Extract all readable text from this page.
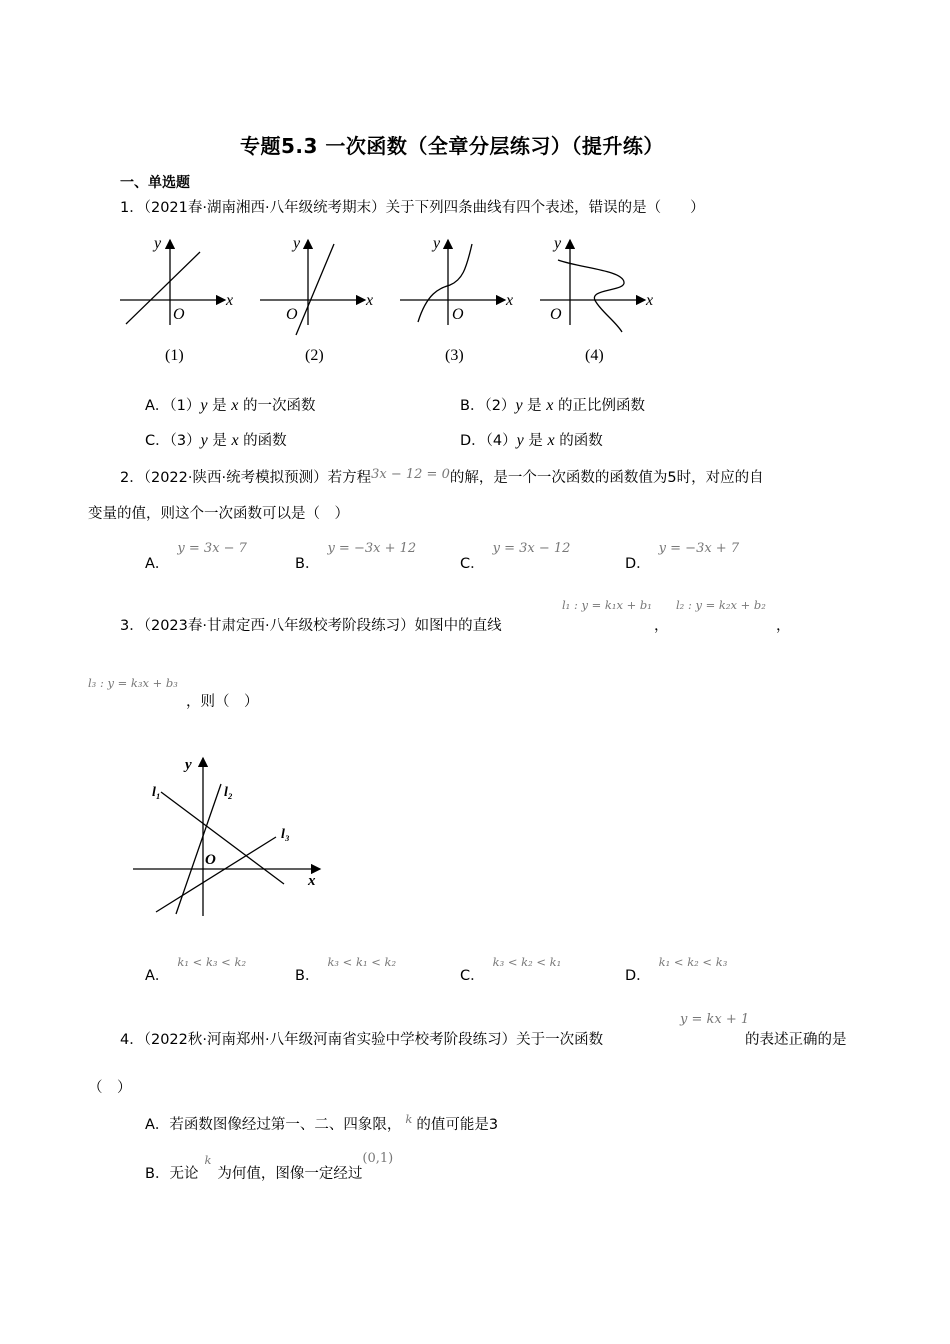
专题5.3 一次函数（全章分层练习）（提升练）
一、单选题
1．（2021春·湖南湘西·八年级统考期末）关于下列四条曲线有四个表述，错误的是（　　）
y
x
O
(1)
y
x
O
(2)
y
x
O
(3)
y
x
O
(4)
A．（1）y 是 x 的一次函数	B．（2）y 是 x 的正比例函数
C．（3）y 是 x 的函数	D．（4）y 是 x 的函数
2．（2022·陕西·统考模拟预测）若方程3x − 12 = 0的解，是一个一次函数的函数值为5时，对应的自
变量的值，则这个一次函数可以是（　）
A．y = 3x − 7
B．y = −3x + 12
C．y = 3x − 12
D．y = −3x + 7
3．（2023春·甘肃定西·八年级校考阶段练习）如图中的直线
l₁ : y = k₁x + b₁
，
l₂ : y = k₂x + b₂
，
l₃ : y = k₃x + b₃
，则（　）
y
x
O
l₁	l₂
l₃
A．$^{k_1 < k_3 < k_2}$
B．$^{k_3 < k_1 < k_2}$
C．$^{k_3 < k_2 < k_1}$
D．$^{k_1 < k_2 < k_3}$
4．（2022秋·河南郑州·八年级河南省实验中学校考阶段练习）关于一次函数
y = kx + 1
的表述正确的是
（　）
A．若函数图像经过第一、二、四象限， $^k$ 的值可能是3
B．无论$^k$为何值，图像一定经过(0,1)
